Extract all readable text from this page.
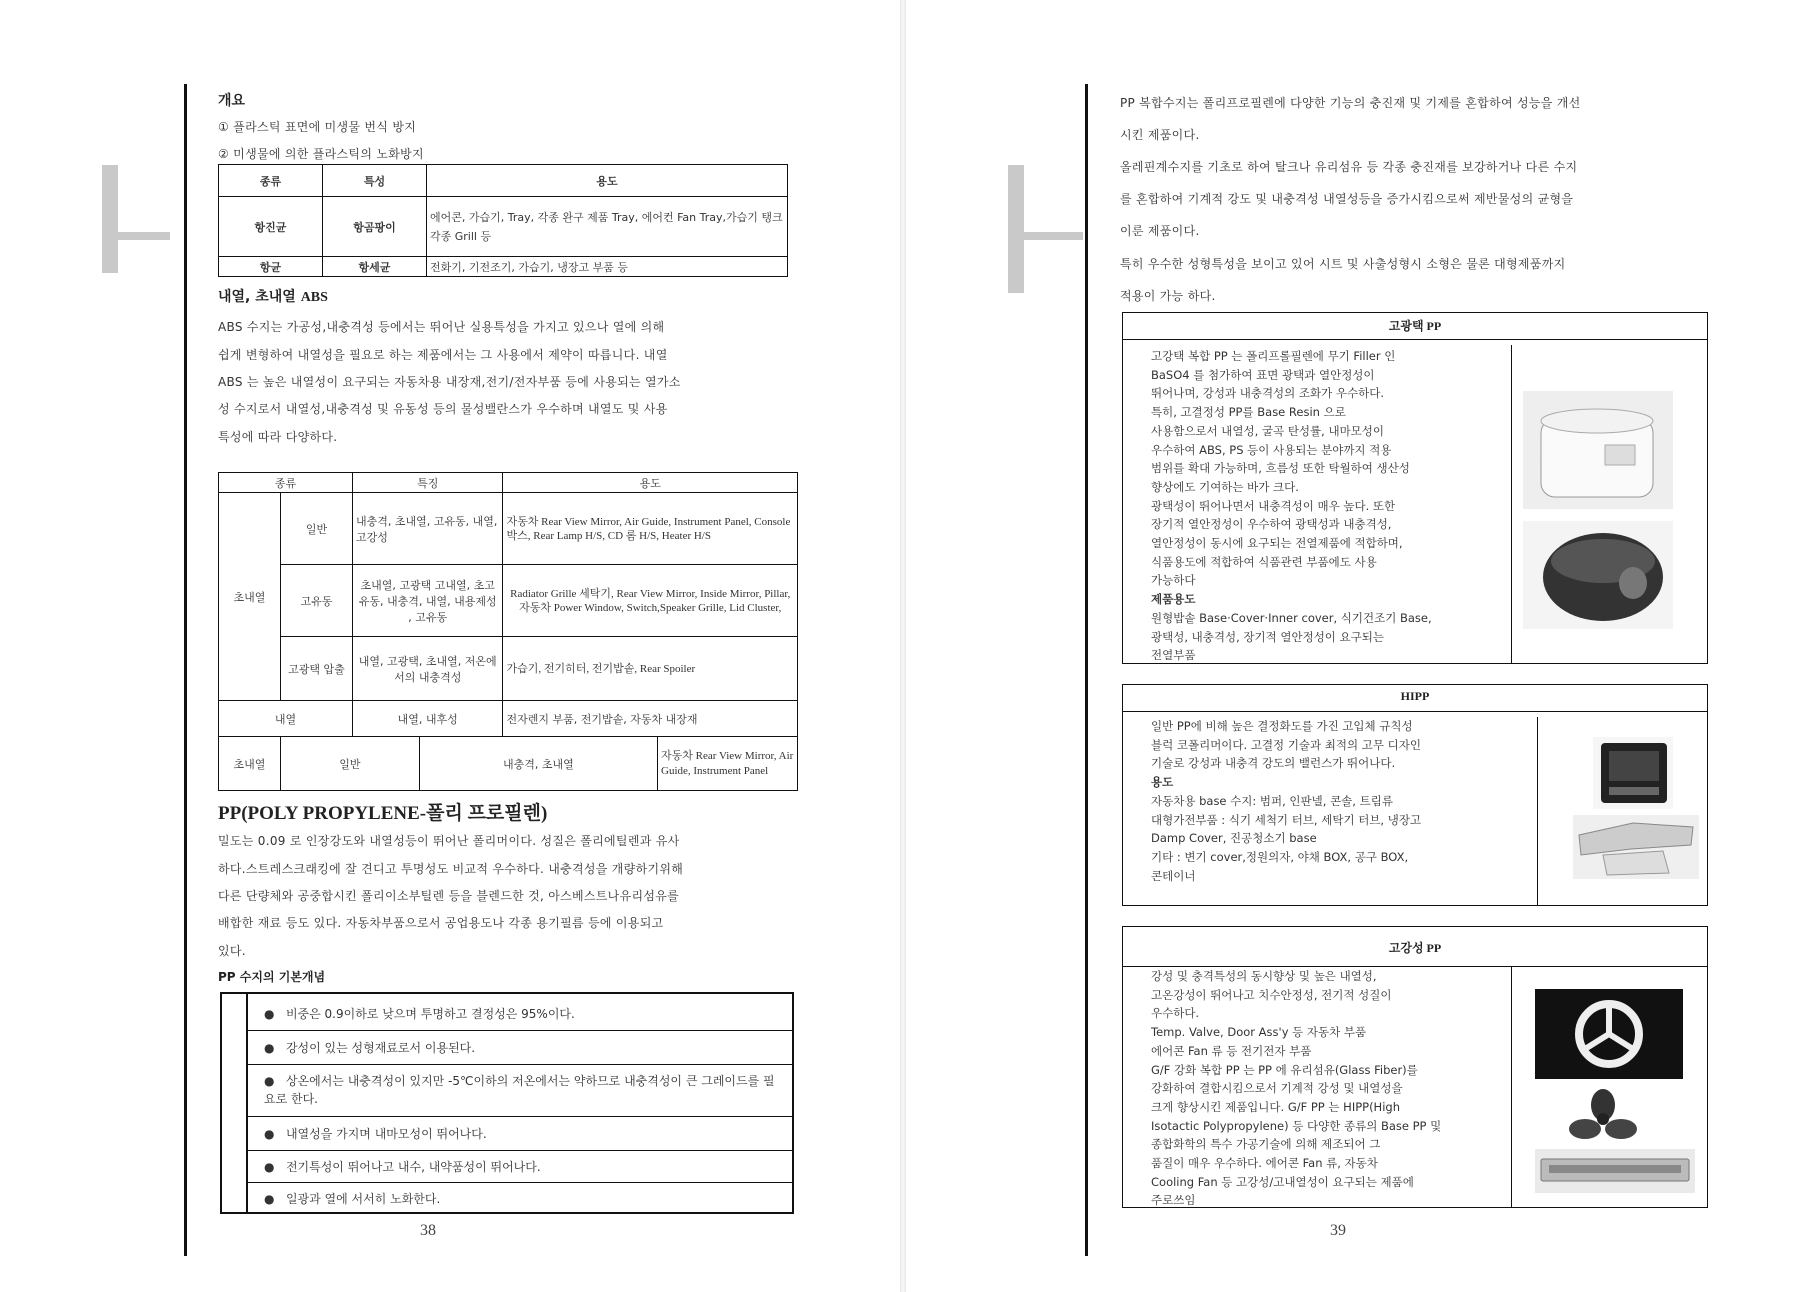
개요
① 플라스틱 표면에 미생물 번식 방지
② 미생물에 의한 플라스틱의 노화방지
종류	특성	용도
항진균	항곰팡이	에어콘, 가습기, Tray, 각종 완구 제품 Tray, 에어컨 Fan Tray,가습기 탱크 각종 Grill 등
항균	항세균	전화기, 기전조기, 가습기, 냉장고 부품 등
내열, 초내열 ABS
ABS 수지는 가공성,내충격성 등에서는 뛰어난 실용특성을 가지고 있으나 열에 의해
쉽게 변형하여 내열성을 필요로 하는 제품에서는 그 사용에서 제약이 따릅니다. 내열
ABS 는 높은 내열성이 요구되는 자동차용 내장재,전기/전자부품 등에 사용되는 열가소
성 수지로서 내열성,내충격성 및 유동성 등의 물성밸란스가 우수하며 내열도 및 사용
특성에 따라 다양하다.
종류		특징		용도	
초내열	일반	내충격, 초내열, 고유동, 내열, 고강성		자동차 Rear View Mirror, Air Guide, Instrument Panel, Console 박스, Rear Lamp H/S, CD 롬 H/S, Heater H/S	
	고유동	초내열, 고광택 고내열, 초고유동, 내충격, 내열, 내용제성 , 고유동		Radiator Grille 세탁기, Rear View Mirror, Inside Mirror, Pillar, 자동차 Power Window, Switch,Speaker Grille, Lid Cluster,	
	고광택 압출	내열, 고광택, 초내열, 저온에서의 내충격성		가습기, 전기히터, 전기밥솥, Rear Spoiler	
내열		내열, 내후성		전자렌지 부품, 전기밥솥, 자동차 내장재	
초내열	일반		내충격, 초내열		자동차 Rear View Mirror, Air Guide, Instrument Panel
PP(POLY PROPYLENE-폴리 프로필렌)
밀도는 0.09 로 인장강도와 내열성등이 뛰어난 폴리머이다. 성질은 폴리에틸렌과 유사
하다.스트레스크래킹에 잘 견디고 투명성도 비교적 우수하다. 내충격성을 개량하기위해
다른 단량체와 공중합시킨 폴리이소부틸렌 등을 블렌드한 것, 아스베스트나유리섬유를
배합한 재료 등도 있다. 자동차부품으로서 공업용도나 각종 용기필름 등에 이용되고
있다.
PP 수지의 기본개념
● 비중은 0.9이하로 낮으며 투명하고 결정성은 95%이다.
● 강성이 있는 성형재료로서 이용된다.
● 상온에서는 내충격성이 있지만 -5℃이하의 저온에서는 약하므로 내충격성이 큰 그레이드를 필요로 한다.
● 내열성을 가지며 내마모성이 뛰어나다.
● 전기특성이 뛰어나고 내수, 내약품성이 뛰어나다.
● 일광과 열에 서서히 노화한다.
38
PP 복합수지는 폴리프로필렌에 다양한 기능의 충진재 및 기제를 혼합하여 성능을 개선
시킨 제품이다.
올레핀계수지를 기초로 하여 탈크나 유리섬유 등 각종 충진재를 보강하거나 다른 수지
를 혼합하여 기계적 강도 및 내충격성 내열성등을 증가시킴으로써 제반물성의 균형을
이룬 제품이다.
특히 우수한 성형특성을 보이고 있어 시트 및 사출성형시 소형은 물론 대형제품까지
적용이 가능 하다.
고광택 PP
고강택 복합 PP 는 폴리프롤필렌에 무기 Filler 인
BaSO4 를 첨가하여 표면 광택과 열안정성이
뛰어나며, 강성과 내충격성의 조화가 우수하다.
특히, 고결정성 PP를 Base Resin 으로
사용함으로서 내열성, 굴곡 탄성률, 내마모성이
우수하여 ABS, PS 등이 사용되는 분야까지 적용
범위를 확대 가능하며, 흐름성 또한 탁월하여 생산성
향상에도 기여하는 바가 크다.
광택성이 뛰어나면서 내충격성이 매우 높다. 또한
장기적 열안정성이 우수하여 광택성과 내충격성,
열안정성이 동시에 요구되는 전열제품에 적합하며,
식품용도에 적합하여 식품관련 부품에도 사용
가능하다
제품용도
원형밥솥 Base·Cover·Inner cover, 식기건조기 Base,
광택성, 내충격성, 장기적 열안정성이 요구되는
전열부품
HIPP
일반 PP에 비해 높은 결정화도를 가진 고입체 규칙성
블럭 코폴리머이다. 고결정 기술과 최적의 고무 디자인
기술로 강성과 내충격 강도의 밸런스가 뛰어나다.
용도
자동차용 base 수지: 범퍼, 인판넬, 콘솔, 트림류
대형가전부품 : 식기 세척기 터브, 세탁기 터브, 냉장고
Damp Cover, 진공청소기 base
기타 : 변기 cover,정원의자, 야채 BOX, 공구 BOX,
콘테이너
고강성 PP
강성 및 충격특성의 동시향상 및 높은 내열성,
고온강성이 뛰어나고 치수안정성, 전기적 성질이
우수하다.
Temp. Valve, Door Ass'y 등 자동차 부품
에어콘 Fan 류 등 전기전자 부품
G/F 강화 복합 PP 는 PP 에 유리섬유(Glass Fiber)를
강화하여 결합시킴으로서 기계적 강성 및 내열성을
크게 향상시킨 제품입니다. G/F PP 는 HIPP(High
Isotactic Polypropylene) 등 다양한 종류의 Base PP 및
종합화학의 특수 가공기술에 의해 제조되어 그
품질이 매우 우수하다. 에어콘 Fan 류, 자동차
Cooling Fan 등 고강성/고내열성이 요구되는 제품에
주로쓰임
39
